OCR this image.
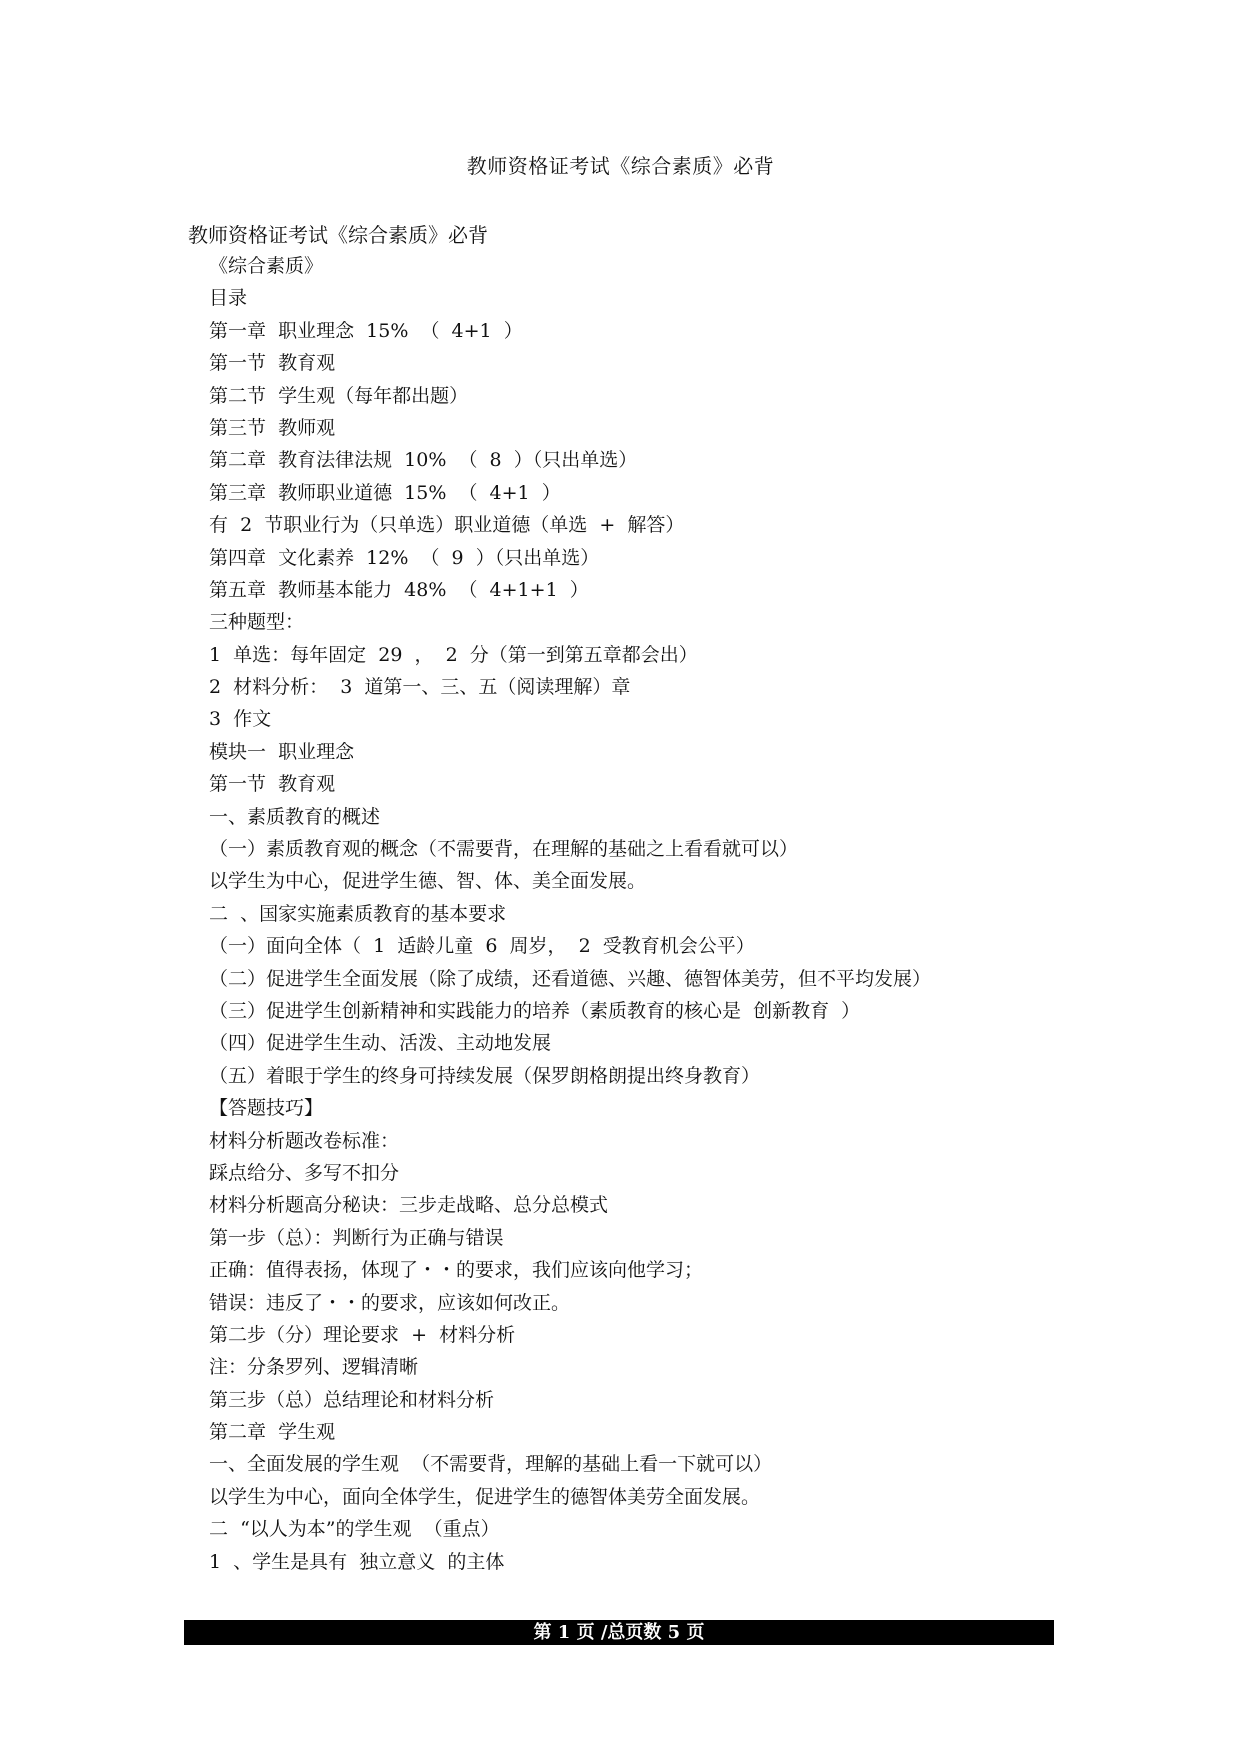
教师资格证考试《综合素质》必背
教师资格证考试《综合素质》必背
《综合素质》
目录
第一章  职业理念  15%  （  4+1  ）
第一节  教育观
第二节  学生观（每年都出题）
第三节  教师观
第二章  教育法律法规  10%  （  8  ）（只出单选）
第三章  教师职业道德  15%  （  4+1  ）
有  2  节职业行为（只单选）职业道德（单选  +  解答）
第四章  文化素养  12%  （  9  ）（只出单选）
第五章  教师基本能力  48%  （  4+1+1  ）
三种题型：
1  单选：每年固定  29  ，  2  分（第一到第五章都会出）
2  材料分析：  3  道第一、三、五（阅读理解）章
3  作文
模块一  职业理念
第一节  教育观
一、素质教育的概述
（一）素质教育观的概念（不需要背，在理解的基础之上看看就可以）
以学生为中心，促进学生德、智、体、美全面发展。
二  、国家实施素质教育的基本要求
（一）面向全体（  1  适龄儿童  6  周岁，  2  受教育机会公平）
（二）促进学生全面发展（除了成绩，还看道德、兴趣、德智体美劳，但不平均发展）
（三）促进学生创新精神和实践能力的培养（素质教育的核心是  创新教育  ）
（四）促进学生生动、活泼、主动地发展
（五）着眼于学生的终身可持续发展（保罗朗格朗提出终身教育）
【答题技巧】
材料分析题改卷标准：
踩点给分、多写不扣分
材料分析题高分秘诀：三步走战略、总分总模式
第一步（总）：判断行为正确与错误
正确：值得表扬，体现了・・的要求，我们应该向他学习；
错误：违反了・・的要求，应该如何改正。
第二步（分）理论要求  +  材料分析
注：分条罗列、逻辑清晰
第三步（总）总结理论和材料分析
第二章  学生观
一、全面发展的学生观  （不需要背，理解的基础上看一下就可以）
以学生为中心，面向全体学生，促进学生的德智体美劳全面发展。
二  “以人为本”的学生观  （重点）
1  、学生是具有  独立意义  的主体
第 1 页 /总页数 5 页
